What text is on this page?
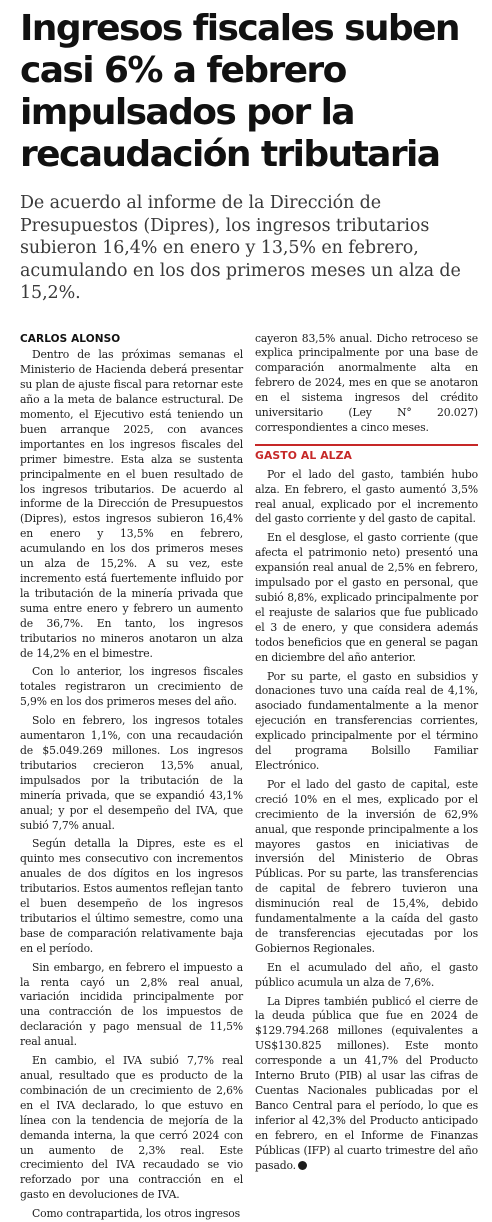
Ingresos fiscales suben casi 6% a febrero impulsados por la recaudación tributaria

De acuerdo al informe de la Dirección de Presupuestos (Dipres), los ingresos tributarios subieron 16,4% en enero y 13,5% en febrero, acumulando en los dos primeros meses un alza de 15,2%.

CARLOS ALONSO

Dentro de las próximas semanas el Ministerio de Hacienda deberá presentar su plan de ajuste fiscal para retornar este año a la meta de balance estructural. De momento, el Ejecutivo está teniendo un buen arranque 2025, con avances importantes en los ingresos fiscales del primer bimestre. Esta alza se sustenta principalmente en el buen resultado de los ingresos tributarios. De acuerdo al informe de la Dirección de Presupuestos (Dipres), estos ingresos subieron 16,4% en enero y 13,5% en febrero, acumulando en los dos primeros meses un alza de 15,2%. A su vez, este incremento está fuertemente influido por la tributación de la minería privada que suma entre enero y febrero un aumento de 36,7%. En tanto, los ingresos tributarios no mineros anotaron un alza de 14,2% en el bimestre.

Con lo anterior, los ingresos fiscales totales registraron un crecimiento de 5,9% en los dos primeros meses del año.

Solo en febrero, los ingresos totales aumentaron 1,1%, con una recaudación de $5.049.269 millones. Los ingresos tributarios crecieron 13,5% anual, impulsados por la tributación de la minería privada, que se expandió 43,1% anual; y por el desempeño del IVA, que subió 7,7% anual.

Según detalla la Dipres, este es el quinto mes consecutivo con incrementos anuales de dos dígitos en los ingresos tributarios. Estos aumentos reflejan tanto el buen desempeño de los ingresos tributarios el último semestre, como una base de comparación relativamente baja en el período.

Sin embargo, en febrero el impuesto a la renta cayó un 2,8% real anual, variación incidida principalmente por una contracción de los impuestos de declaración y pago mensual de 11,5% real anual.

En cambio, el IVA subió 7,7% real anual, resultado que es producto de la combinación de un crecimiento de 2,6% en el IVA declarado, lo que estuvo en línea con la tendencia de mejoría de la demanda interna, la que cerró 2024 con un aumento de 2,3% real. Este crecimiento del IVA recaudado se vio reforzado por una contracción en el gasto en devoluciones de IVA.

Como contrapartida, los otros ingresos

cayeron 83,5% anual. Dicho retroceso se explica principalmente por una base de comparación anormalmente alta en febrero de 2024, mes en que se anotaron en el sistema ingresos del crédito universitario (Ley N° 20.027) correspondientes a cinco meses.

GASTO AL ALZA

Por el lado del gasto, también hubo alza. En febrero, el gasto aumentó 3,5% real anual, explicado por el incremento del gasto corriente y del gasto de capital.

En el desglose, el gasto corriente (que afecta el patrimonio neto) presentó una expansión real anual de 2,5% en febrero, impulsado por el gasto en personal, que subió 8,8%, explicado principalmente por el reajuste de salarios que fue publicado el 3 de enero, y que considera además todos beneficios que en general se pagan en diciembre del año anterior.

Por su parte, el gasto en subsidios y donaciones tuvo una caída real de 4,1%, asociado fundamentalmente a la menor ejecución en transferencias corrientes, explicado principalmente por el término del programa Bolsillo Familiar Electrónico.

Por el lado del gasto de capital, este creció 10% en el mes, explicado por el crecimiento de la inversión de 62,9% anual, que responde principalmente a los mayores gastos en iniciativas de inversión del Ministerio de Obras Públicas. Por su parte, las transferencias de capital de febrero tuvieron una disminución real de 15,4%, debido fundamentalmente a la caída del gasto de transferencias ejecutadas por los Gobiernos Regionales.

En el acumulado del año, el gasto público acumula un alza de 7,6%.

La Dipres también publicó el cierre de la deuda pública que fue en 2024 de $129.794.268 millones (equivalentes a US$130.825 millones). Este monto corresponde a un 41,7% del Producto Interno Bruto (PIB) al usar las cifras de Cuentas Nacionales publicadas por el Banco Central para el período, lo que es inferior al 42,3% del Producto anticipado en febrero, en el Informe de Finanzas Públicas (IFP) al cuarto trimestre del año pasado. P
